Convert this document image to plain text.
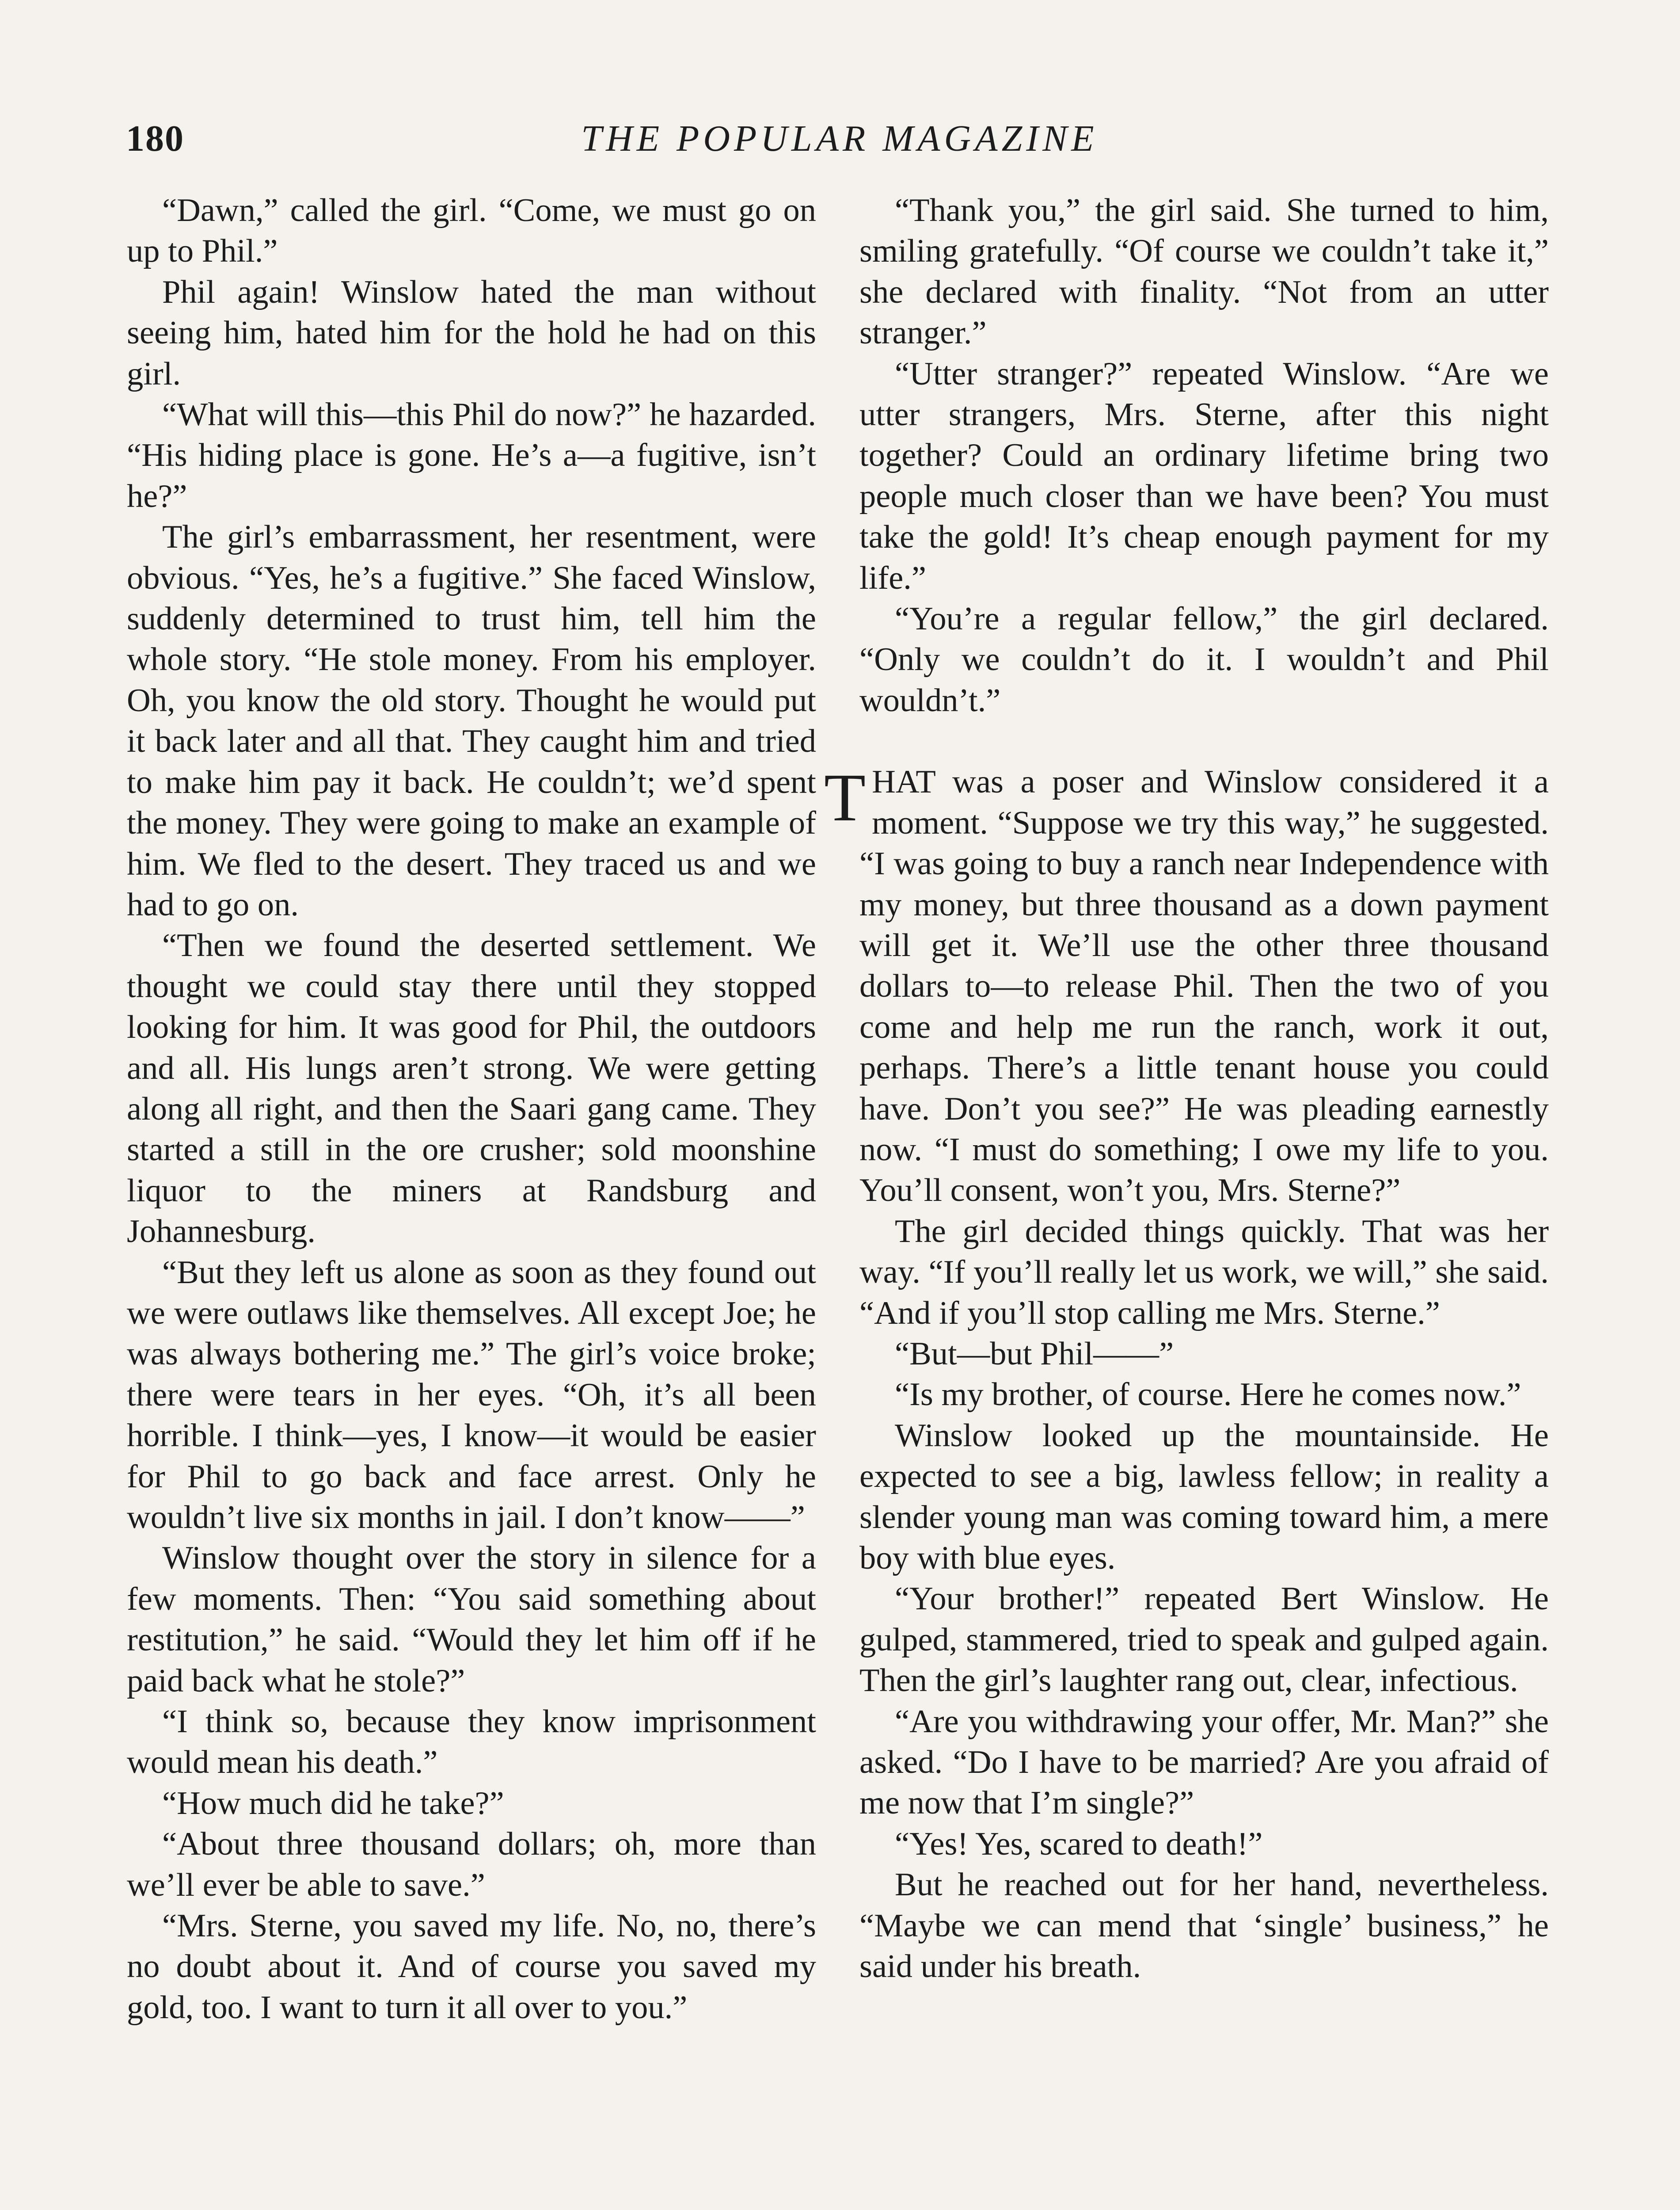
180	THE POPULAR MAGAZINE

“Dawn,” called the girl. “Come, we must go on up to Phil.”

Phil again! Winslow hated the man without seeing him, hated him for the hold he had on this girl.

“What will this—this Phil do now?” he hazarded. “His hiding place is gone. He’s a—a fugitive, isn’t he?”

The girl’s embarrassment, her resentment, were obvious. “Yes, he’s a fugitive.” She faced Winslow, suddenly determined to trust him, tell him the whole story. “He stole money. From his employer. Oh, you know the old story. Thought he would put it back later and all that. They caught him and tried to make him pay it back. He couldn’t; we’d spent the money. They were going to make an example of him. We fled to the desert. They traced us and we had to go on.

“Then we found the deserted settlement. We thought we could stay there until they stopped looking for him. It was good for Phil, the outdoors and all. His lungs aren’t strong. We were getting along all right, and then the Saari gang came. They started a still in the ore crusher; sold moonshine liquor to the miners at Randsburg and Johannesburg.

“But they left us alone as soon as they found out we were outlaws like themselves. All except Joe; he was always bothering me.” The girl’s voice broke; there were tears in her eyes. “Oh, it’s all been horrible. I think—yes, I know—it would be easier for Phil to go back and face arrest. Only he wouldn’t live six months in jail. I don’t know——”

Winslow thought over the story in silence for a few moments. Then: “You said something about restitution,” he said. “Would they let him off if he paid back what he stole?”

“I think so, because they know imprisonment would mean his death.”

“How much did he take?”

“About three thousand dollars; oh, more than we’ll ever be able to save.”

“Mrs. Sterne, you saved my life. No, no, there’s no doubt about it. And of course you saved my gold, too. I want to turn it all over to you.”

“Thank you,” the girl said. She turned to him, smiling gratefully. “Of course we couldn’t take it,” she declared with finality. “Not from an utter stranger.”

“Utter stranger?” repeated Winslow. “Are we utter strangers, Mrs. Sterne, after this night together? Could an ordinary lifetime bring two people much closer than we have been? You must take the gold! It’s cheap enough payment for my life.”

“You’re a regular fellow,” the girl declared. “Only we couldn’t do it. I wouldn’t and Phil wouldn’t.”

THAT was a poser and Winslow considered it a moment. “Suppose we try this way,” he suggested. “I was going to buy a ranch near Independence with my money, but three thousand as a down payment will get it. We’ll use the other three thousand dollars to—to release Phil. Then the two of you come and help me run the ranch, work it out, perhaps. There’s a little tenant house you could have. Don’t you see?” He was pleading earnestly now. “I must do something; I owe my life to you. You’ll consent, won’t you, Mrs. Sterne?”

The girl decided things quickly. That was her way. “If you’ll really let us work, we will,” she said. “And if you’ll stop calling me Mrs. Sterne.”

“But—but Phil——”

“Is my brother, of course. Here he comes now.”

Winslow looked up the mountainside. He expected to see a big, lawless fellow; in reality a slender young man was coming toward him, a mere boy with blue eyes.

“Your brother!” repeated Bert Winslow. He gulped, stammered, tried to speak and gulped again. Then the girl’s laughter rang out, clear, infectious.

“Are you withdrawing your offer, Mr. Man?” she asked. “Do I have to be married? Are you afraid of me now that I’m single?”

“Yes! Yes, scared to death!”

But he reached out for her hand, nevertheless. “Maybe we can mend that ‘single’ business,” he said under his breath.
